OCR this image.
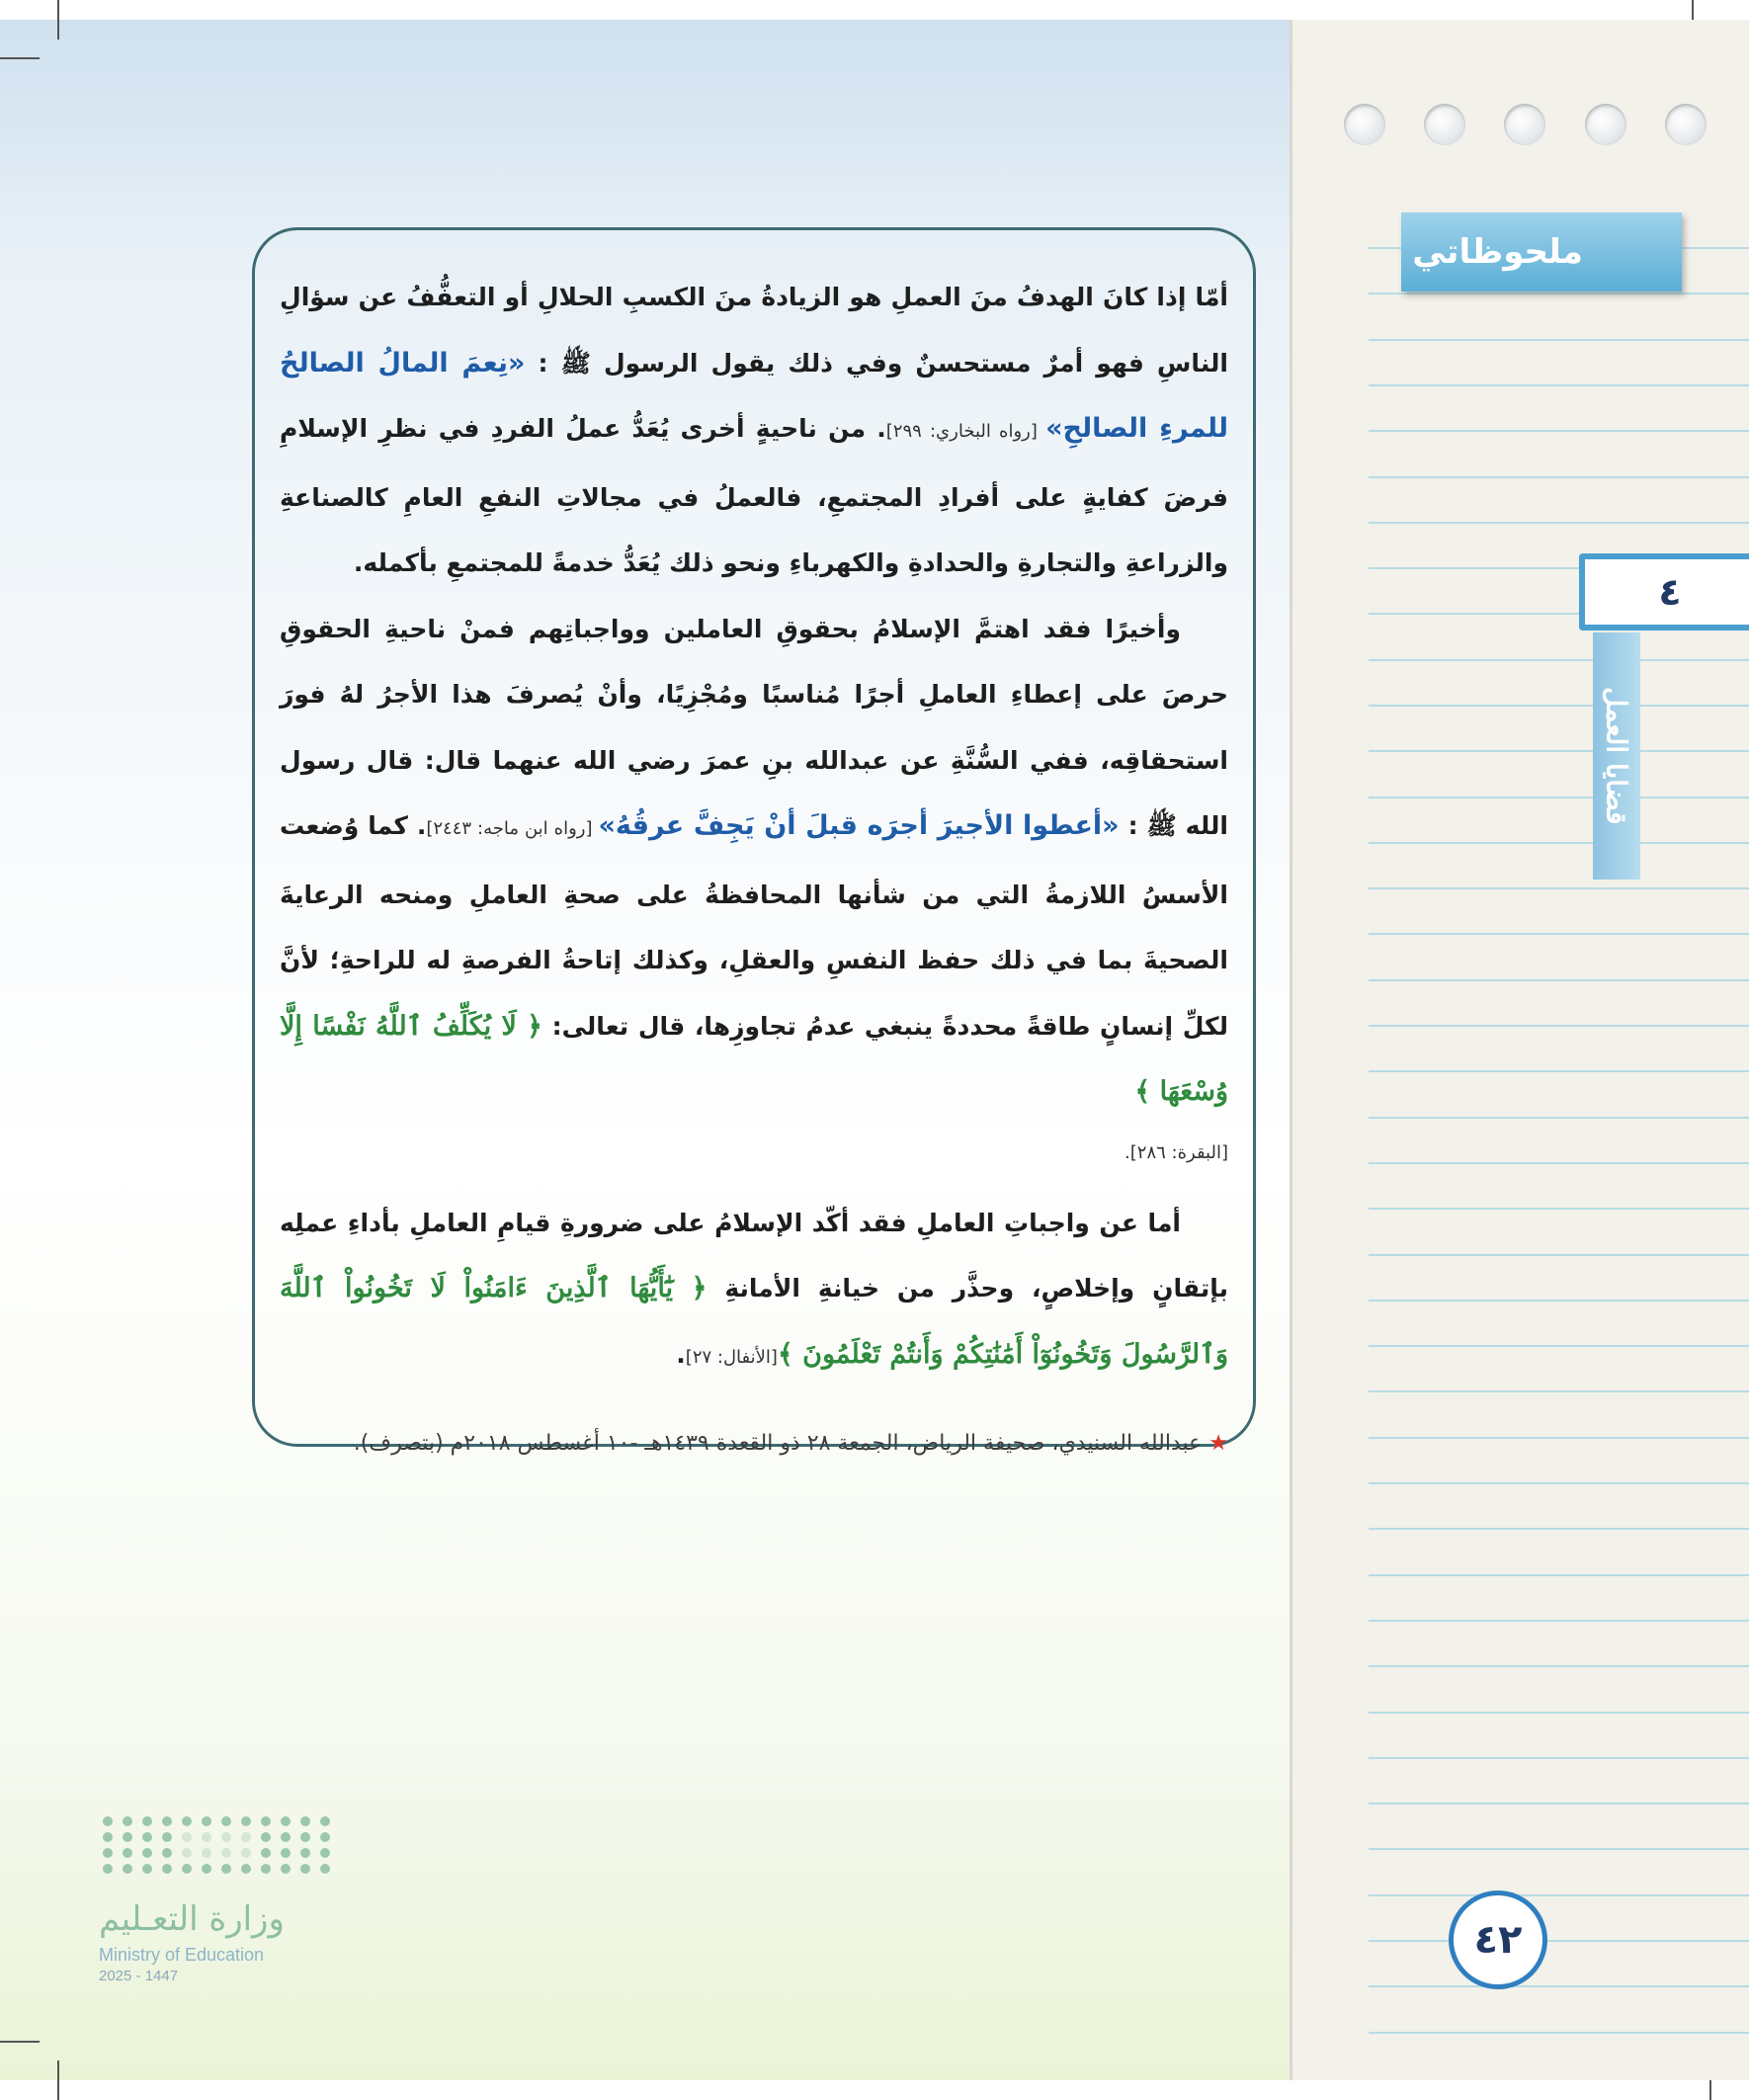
ملحوظاتي
٤
قضايا العمل
٤٢

أمّا إذا كانَ الهدفُ منَ العملِ هو الزيادةُ منَ الكسبِ الحلالِ أو التعفُّفُ عن سؤالِ الناسِ فهو أمرٌ مستحسنٌ وفي ذلك يقول الرسول ﷺ : «نِعمَ المالُ الصالحُ للمرءِ الصالحِ» [رواه البخاري: ٢٩٩]. من ناحيةٍ أخرى يُعَدُّ عملُ الفردِ في نظرِ الإسلامِ فرضَ كفايةٍ على أفرادِ المجتمعِ، فالعملُ في مجالاتِ النفعِ العامِ كالصناعةِ والزراعةِ والتجارةِ والحدادةِ والكهرباءِ ونحو ذلك يُعَدُّ خدمةً للمجتمعِ بأكمله.

وأخيرًا فقد اهتمَّ الإسلامُ بحقوقِ العاملين وواجباتِهم فمنْ ناحيةِ الحقوقِ حرصَ على إعطاءِ العاملِ أجرًا مُناسبًا ومُجْزِيًا، وأنْ يُصرفَ هذا الأجرُ لهُ فورَ استحقاقِه، ففي السُّنَّةِ عن عبدالله بنِ عمرَ رضي الله عنهما قال: قال رسول الله ﷺ : «أعطوا الأجيرَ أجرَه قبلَ أنْ يَجِفَّ عرقُهُ» [رواه ابن ماجه: ٢٤٤٣]. كما وُضعت الأسسُ اللازمةُ التي من شأنها المحافظةُ على صحةِ العاملِ ومنحه الرعايةَ الصحيةَ بما في ذلك حفظ النفسِ والعقلِ، وكذلك إتاحةُ الفرصةِ له للراحةِ؛ لأنَّ لكلِّ إنسانٍ طاقةً محددةً ينبغي عدمُ تجاوزِها، قال تعالى: ﴿ لَا يُكَلِّفُ ٱللَّهُ نَفْسًا إِلَّا وُسْعَهَا ﴾

[البقرة: ٢٨٦].

أما عن واجباتِ العاملِ فقد أكّد الإسلامُ على ضرورةِ قيامِ العاملِ بأداءِ عملِه بإتقانٍ وإخلاصٍ، وحذَّر من خيانةِ الأمانةِ ﴿ يَٰٓأَيُّهَا ٱلَّذِينَ ءَامَنُواْ لَا تَخُونُواْ ٱللَّهَ وَٱلرَّسُولَ وَتَخُونُوٓاْ أَمَٰنَٰتِكُمْ وَأَنتُمْ تَعْلَمُونَ ﴾[الأنفال: ٢٧].

★ عبدالله السنيدي، صحيفة الرياض، الجمعة ٢٨ ذو القعدة ١٤٣٩هـ -١٠ أغسطس ٢٠١٨م (بتصرف).
وزارة التعـليم
Ministry of Education
2025 - 1447
